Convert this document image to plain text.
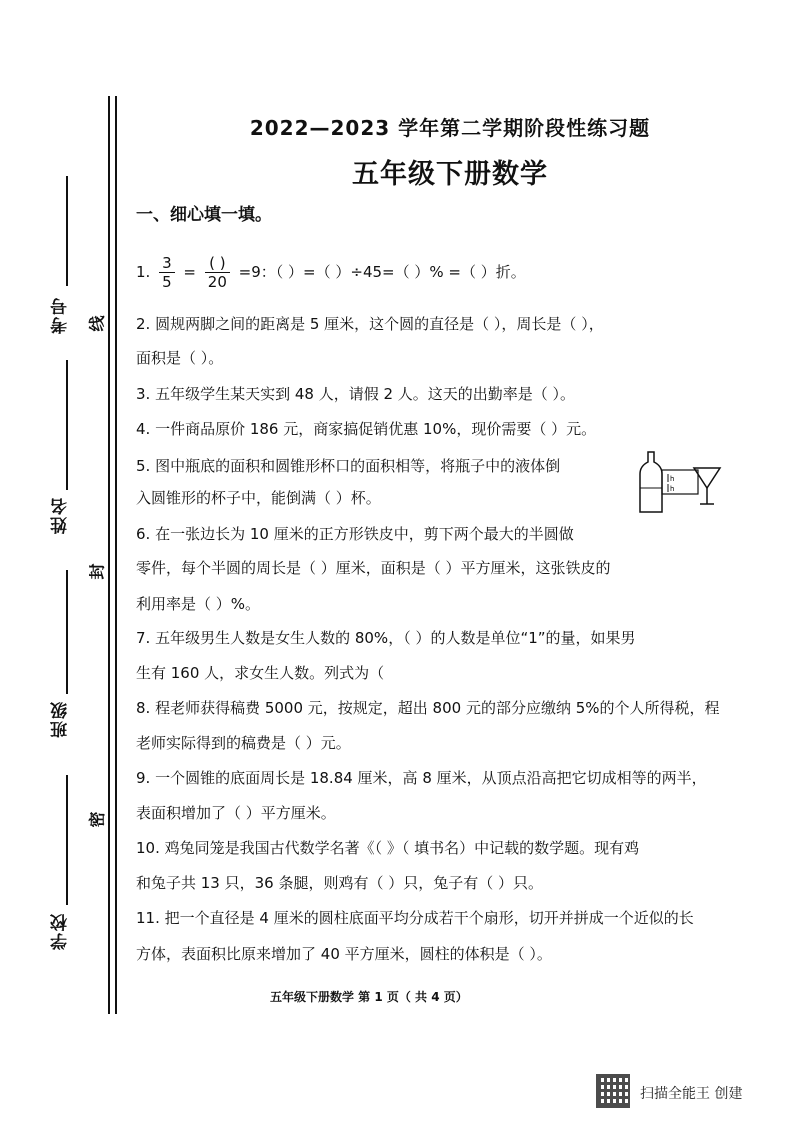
考号
姓名
班级
学校
线
封
密
2022—2023 学年第二学期阶段性练习题
五年级下册数学
一、细心填一填。
1. $\frac{3}{5} = \frac{( )}{20} =9$：（ ）=（ ）÷45=（ ）% =（ ）折。
2. 圆规两脚之间的距离是 5 厘米，这个圆的直径是（ ），周长是（ ），
面积是（ ）。
3. 五年级学生某天实到 48 人，请假 2 人。这天的出勤率是（ ）。
4. 一件商品原价 186 元，商家搞促销优惠 10%，现价需要（ ）元。
5. 图中瓶底的面积和圆锥形杯口的面积相等，将瓶子中的液体倒
入圆锥形的杯子中，能倒满（ ）杯。
6. 在一张边长为 10 厘米的正方形铁皮中，剪下两个最大的半圆做
零件，每个半圆的周长是（ ）厘米，面积是（ ）平方厘米，这张铁皮的
利用率是（ ）%。
7. 五年级男生人数是女生人数的 80%，（ ）的人数是单位“1”的量，如果男
生有 160 人，求女生人数。列式为（
8. 程老师获得稿费 5000 元，按规定，超出 800 元的部分应缴纳 5%的个人所得税，程
老师实际得到的稿费是（ ）元。
9. 一个圆锥的底面周长是 18.84 厘米，高 8 厘米，从顶点沿高把它切成相等的两半，
表面积增加了（ ）平方厘米。
10. 鸡兔同笼是我国古代数学名著《（ 》（ 填书名）中记载的数学题。现有鸡
和兔子共 13 只，36 条腿，则鸡有（ ）只，兔子有（ ）只。
11. 把一个直径是 4 厘米的圆柱底面平均分成若干个扇形，切开并拼成一个近似的长
方体，表面积比原来增加了 40 平方厘米，圆柱的体积是（ ）。
h
h
五年级下册数学 第 1 页（ 共 4 页）
扫描全能王 创建
